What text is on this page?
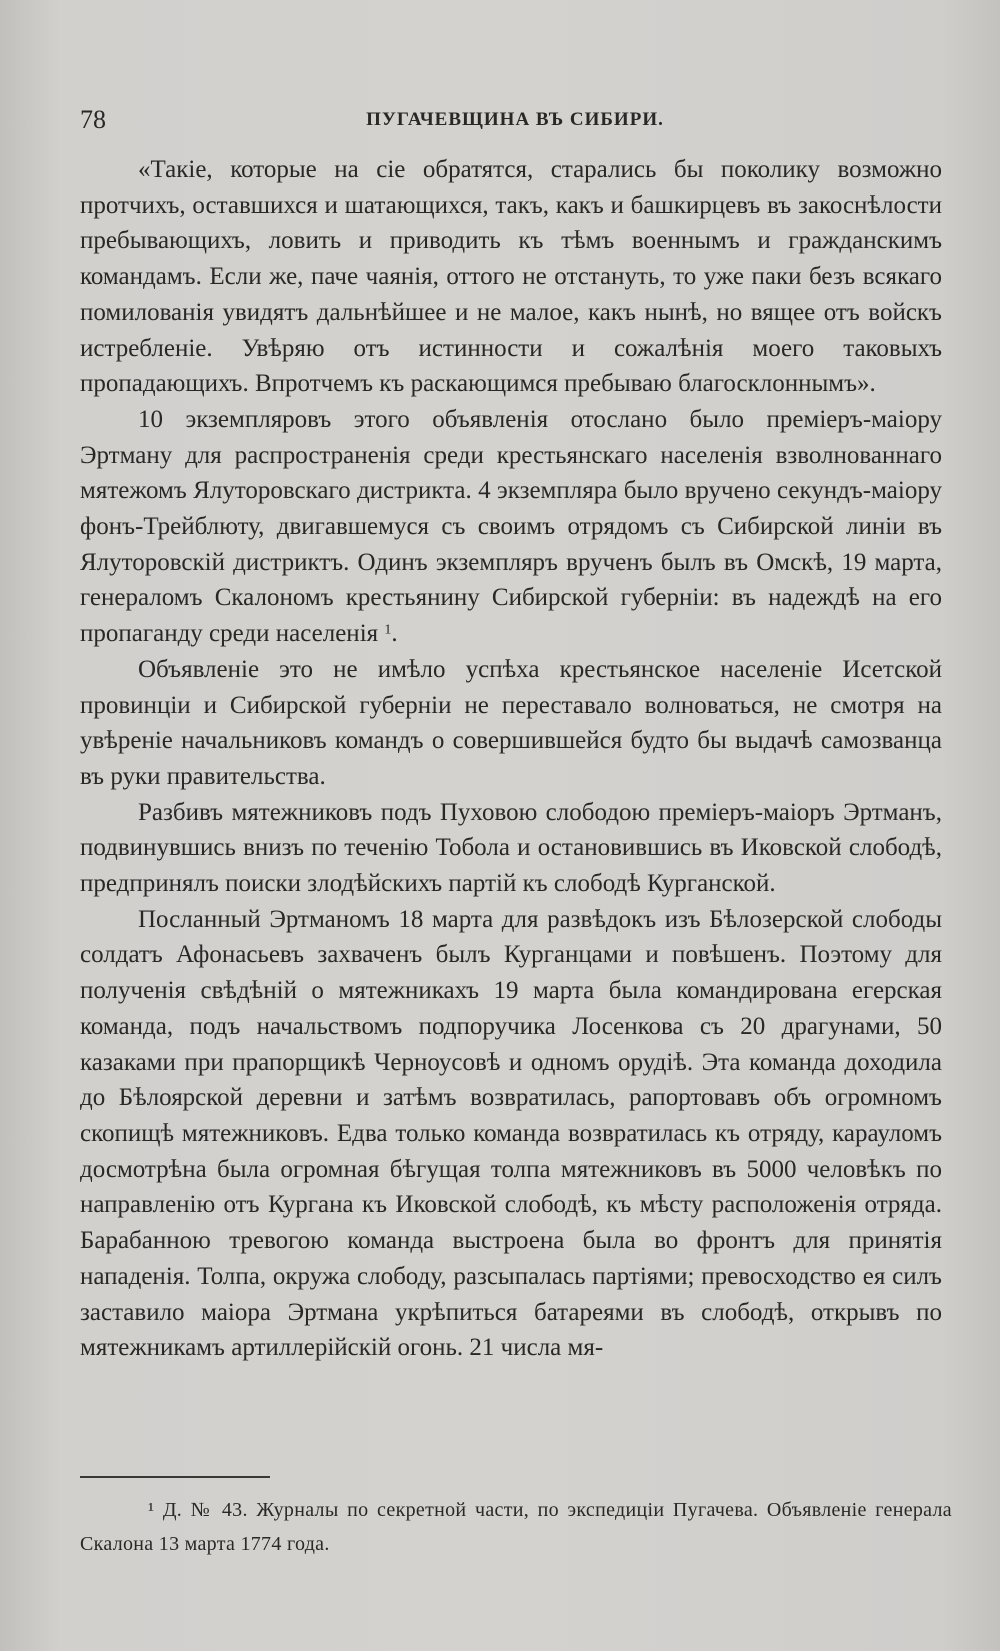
78	ПУГАЧЕВЩИНА ВЪ СИБИРИ.

«Такіе, которые на сіе обратятся, старались бы поколику возможно протчихъ, оставшихся и шатающихся, такъ, какъ и башкирцевъ въ закоснѣлости пребывающихъ, ловить и приводить къ тѣмъ военнымъ и гражданскимъ командамъ. Если же, паче чаянія, оттого не отстануть, то уже паки безъ всякаго помилованія увидятъ дальнѣйшее и не малое, какъ нынѣ, но вящее отъ войскъ истребленіе. Увѣряю отъ истинности и сожалѣнія моего таковыхъ пропадающихъ. Впротчемъ къ раскающимся пребываю благосклоннымъ».

10 экземпляровъ этого объявленія отослано было преміеръ-маіору Эртману для распространенія среди крестьянскаго населенія взволнованнаго мятежомъ Ялуторовскаго дистрикта. 4 экземпляра было вручено секундъ-маіору фонъ-Трейблюту, двигавшемуся съ своимъ отрядомъ съ Сибирской линіи въ Ялуторовскій дистриктъ. Одинъ экземпляръ врученъ былъ въ Омскѣ, 19 марта, генераломъ Скалономъ крестьянину Сибирской губерніи: въ надеждѣ на его пропаганду среди населенія $^1$.

Объявленіе это не имѣло успѣха крестьянское населеніе Исетской провинціи и Сибирской губерніи не переставало волноваться, не смотря на увѣреніе начальниковъ командъ о совершившейся будто бы выдачѣ самозванца въ руки правительства.

Разбивъ мятежниковъ подъ Пуховою слободою преміеръ-маіоръ Эртманъ, подвинувшись внизъ по теченію Тобола и остановившись въ Иковской слободѣ, предпринялъ поиски злодѣйскихъ партій къ слободѣ Курганской.

Посланный Эртманомъ 18 марта для развѣдокъ изъ Бѣлозерской слободы солдатъ Афонасьевъ захваченъ былъ Курганцами и повѣшенъ. Поэтому для полученія свѣдѣній о мятежникахъ 19 марта была командирована егерская команда, подъ начальствомъ подпоручика Лосенкова съ 20 драгунами, 50 казаками при прапорщикѣ Черноусовѣ и одномъ орудіѣ. Эта команда доходила до Бѣлоярской деревни и затѣмъ возвратилась, рапортовавъ объ огромномъ скопищѣ мятежниковъ. Едва только команда возвратилась къ отряду, карауломъ досмотрѣна была огромная бѣгущая толпа мятежниковъ въ 5000 человѣкъ по направленію отъ Кургана къ Иковской слободѣ, къ мѣсту расположенія отряда. Барабанною тревогою команда выстроена была во фронтъ для принятія нападенія. Толпа, окружа слободу, разсыпалась партіями; превосходство ея силъ заставило маіора Эртмана укрѣпиться батареями въ слободѣ, открывъ по мятежникамъ артиллерійскій огонь. 21 числа мя-

¹ Д. № 43. Журналы по секретной части, по экспедиціи Пугачева. Объявленіе генерала Скалона 13 марта 1774 года.
